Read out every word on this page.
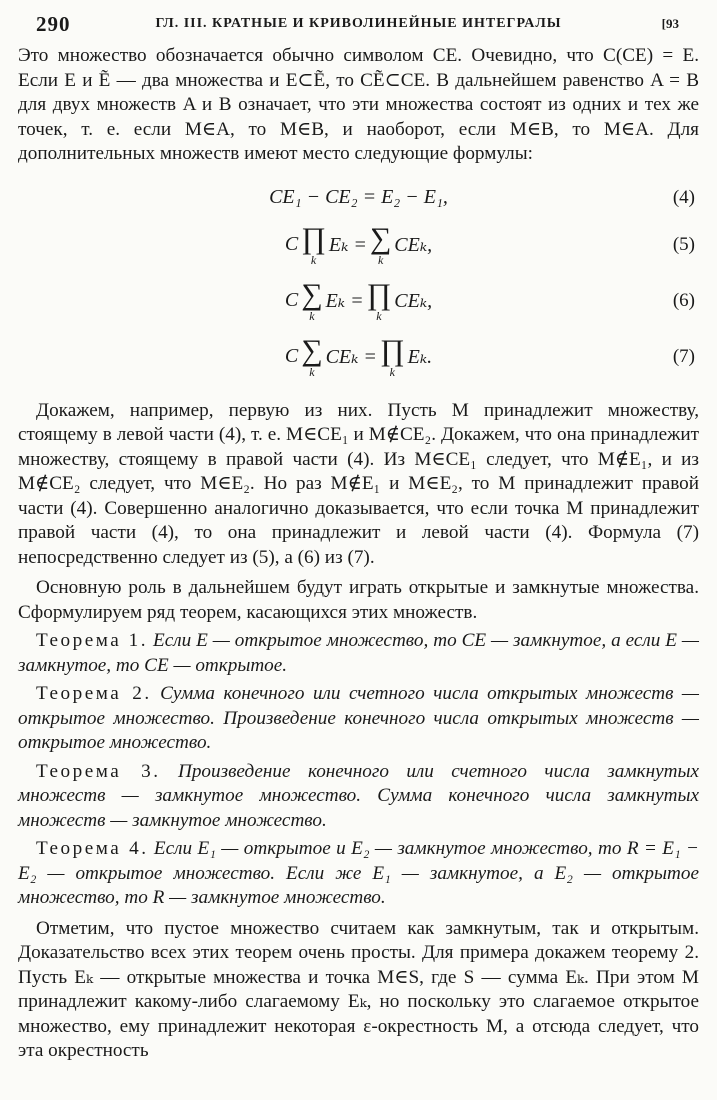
290	ГЛ. III. КРАТНЫЕ И КРИВОЛИНЕЙНЫЕ ИНТЕГРАЛЫ	[93

Это множество обозначается обычно символом CE. Очевидно, что C(CE) = E. Если E и Ẽ — два множества и E⊂Ẽ, то CẼ⊂CE. В дальнейшем равенство A = B для двух множеств A и B означает, что эти множества состоят из одних и тех же точек, т. е. если M∈A, то M∈B, и наоборот, если M∈B, то M∈A. Для дополнительных множеств имеют место следующие формулы:

CE₁ − CE₂ = E₂ − E₁,	(4)
C ∏
k
Eₖ = ∑
k
CEₖ,	(5)
C ∑
k
Eₖ = ∏
k
CEₖ,	(6)
C ∑
k
CEₖ = ∏
k
Eₖ.	(7)

Докажем, например, первую из них. Пусть M принадлежит множеству, стоящему в левой части (4), т. е. M∈CE₁ и M∉CE₂. Докажем, что она принадлежит множеству, стоящему в правой части (4). Из M∈CE₁ следует, что M∉E₁, и из M∉CE₂ следует, что M∈E₂. Но раз M∉E₁ и M∈E₂, то M принадлежит правой части (4). Совершенно аналогично доказывается, что если точка M принадлежит правой части (4), то она принадлежит и левой части (4). Формула (7) непосредственно следует из (5), а (6) из (7).

Основную роль в дальнейшем будут играть открытые и замкнутые множества. Сформулируем ряд теорем, касающихся этих множеств.

Теорема 1. Если E — открытое множество, то CE — замкнутое, а если E — замкнутое, то CE — открытое.

Теорема 2. Сумма конечного или счетного числа открытых множеств — открытое множество. Произведение конечного числа открытых множеств — открытое множество.

Теорема 3. Произведение конечного или счетного числа замкнутых множеств — замкнутое множество. Сумма конечного числа замкнутых множеств — замкнутое множество.

Теорема 4. Если E₁ — открытое и E₂ — замкнутое множество, то R = E₁ − E₂ — открытое множество. Если же E₁ — замкнутое, а E₂ — открытое множество, то R — замкнутое множество.

Отметим, что пустое множество считаем как замкнутым, так и открытым. Доказательство всех этих теорем очень просты. Для примера докажем теорему 2. Пусть Eₖ — открытые множества и точка M∈S, где S — сумма Eₖ. При этом M принадлежит какому-либо слагаемому Eₖ, но поскольку это слагаемое открытое множество, ему принадлежит некоторая ε-окрестность M, а отсюда следует, что эта окрестность
